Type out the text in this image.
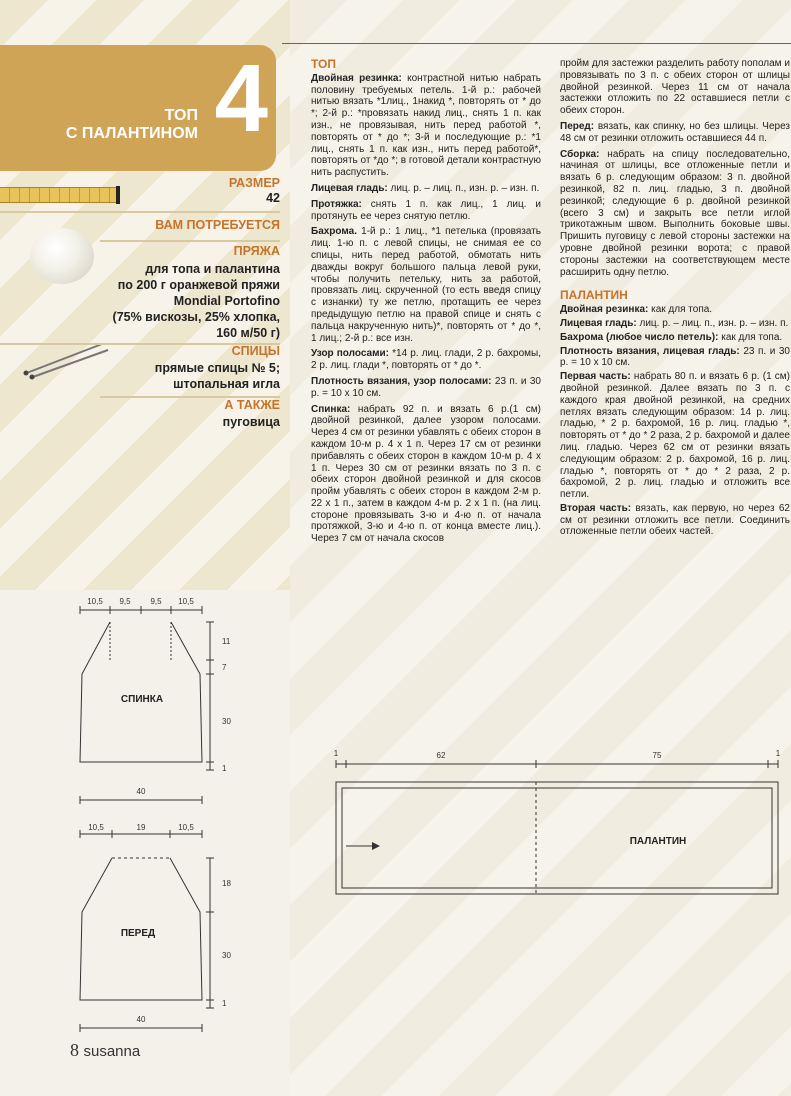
ТОП
С ПАЛАНТИНОМ 4
РАЗМЕР
42
ВАМ ПОТРЕБУЕТСЯ
ПРЯЖА
для топа и палантина
по 200 г оранжевой пряжи
Mondial Portofino
(75% вискозы, 25% хлопка,
160 м/50 г)
СПИЦЫ
прямые спицы № 5;
штопальная игла
А ТАКЖЕ
пуговица
ТОП

Двойная резинка: контрастной нитью набрать половину требуемых петель. 1-й р.: рабочей нитью вязать *1лиц., 1накид *, повторять от * до *; 2-й р.: *провязать накид лиц., снять 1 п. как изн., не провязывая, нить перед работой *, повторять от * до *; 3-й и последующие р.: *1 лиц., снять 1 п. как изн., нить перед работой*, повторять от *до *; в готовой детали контрастную нить распустить.

Лицевая гладь: лиц. р. – лиц. п., изн. р. – изн. п.

Протяжка: снять 1 п. как лиц., 1 лиц. и протянуть ее через снятую петлю.

Бахрома. 1-й р.: 1 лиц., *1 петелька (провязать лиц. 1-ю п. с левой спицы, не снимая ее со спицы, нить перед работой, обмотать нить дважды вокруг большого пальца левой руки, чтобы получить петельку, нить за работой, провязать лиц. скрученной (то есть введя спицу с изнанки) ту же петлю, протащить ее через предыдущую петлю на правой спице и снять с пальца накрученную нить)*, повторять от * до *, 1 лиц.; 2-й р.: все изн.

Узор полосами: *14 р. лиц. глади, 2 р. бахромы, 2 р. лиц. глади *, повторять от * до *.

Плотность вязания, узор полосами: 23 п. и 30 р. = 10 х 10 см.

Спинка: набрать 92 п. и вязать 6 р.(1 см) двойной резинкой, далее узором полосами. Через 4 см от резинки убавлять с обеих сторон в каждом 10-м р. 4 х 1 п. Через 17 см от резинки прибавлять с обеих сторон в каждом 10-м р. 4 х 1 п. Через 30 см от резинки вязать по 3 п. с обеих сторон двойной резинкой и для скосов пройм убавлять с обеих сторон в каждом 2-м р. 22 х 1 п., затем в каждом 4-м р. 2 х 1 п. (на лиц. стороне провязывать 3-ю и 4-ю п. от начала протяжкой, 3-ю и 4-ю п. от конца вместе лиц.). Через 7 см от начала скосов

пройм для застежки разделить работу пополам и провязывать по 3 п. с обеих сторон от шлицы двойной резинкой. Через 11 см от начала застежки отложить по 22 оставшиеся петли с обеих сторон.

Перед: вязать, как спинку, но без шлицы. Через 48 см от резинки отложить оставшиеся 44 п.

Сборка: набрать на спицу последовательно, начиная от шлицы, все отложенные петли и вязать 6 р. следующим образом: 3 п. двойной резинкой, 82 п. лиц. гладью, 3 п. двойной резинкой; следующие 6 р. двойной резинкой (всего 3 см) и закрыть все петли иглой трикотажным швом. Выполнить боковые швы. Пришить пуговицу с левой стороны застежки на уровне двойной резинки ворота; с правой стороны застежки на соответствующем месте расширить одну петлю.

ПАЛАНТИН

Двойная резинка: как для топа.

Лицевая гладь: лиц. р. – лиц. п., изн. р. – изн. п.

Бахрома (любое число петель): как для топа.

Плотность вязания, лицевая гладь: 23 п. и 30 р. = 10 х 10 см.

Первая часть: набрать 80 п. и вязать 6 р. (1 см) двойной резинкой. Далее вязать по 3 п. с каждого края двойной резинкой, на средних петлях вязать следующим образом: 14 р. лиц. гладью, * 2 р. бахромой, 16 р. лиц. гладью *, повторять от * до * 2 раза, 2 р. бахромой и далее лиц. гладью. Через 62 см от резинки вязать следующим образом: 2 р. бахромой, 16 р. лиц. гладью *, повторять от * до * 2 раза, 2 р. бахромой, 2 р. лиц. гладью и отложить все петли.

Вторая часть: вязать, как первую, но через 62 см от резинки отложить все петли. Соединить отложенные петли обеих частей.

10,5 9,5 9,5 10,5
11
7
30
1
40
СПИНКА
10,5	19	10,5
18
30
1
40
ПЕРЕД
1	62	75	1
ПАЛАНТИН
8 susanna
